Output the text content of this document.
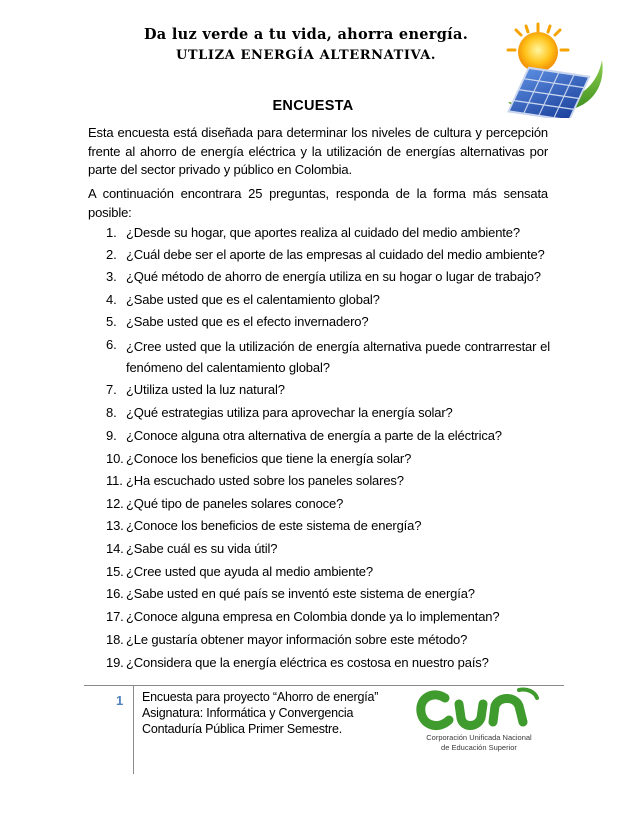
Da luz verde a tu vida, ahorra energía.
UTLIZA ENERGÍA ALTERNATIVA.
ENCUESTA
Esta encuesta está diseñada para determinar los niveles de cultura y percepción frente al ahorro de energía eléctrica y la utilización de energías alternativas por parte del sector privado y público en Colombia.
A continuación encontrara 25 preguntas, responda de la forma más sensata posible:
1. ¿Desde su hogar, que aportes realiza al cuidado del medio ambiente?
2. ¿Cuál debe ser el aporte de las empresas al cuidado del medio ambiente?
3. ¿Qué método de ahorro de energía utiliza en su hogar o lugar de trabajo?
4. ¿Sabe usted que es el calentamiento global?
5. ¿Sabe usted que es el efecto invernadero?
6. ¿Cree usted que la utilización de energía alternativa puede contrarrestar el fenómeno del calentamiento global?
7. ¿Utiliza usted la luz natural?
8. ¿Qué estrategias utiliza para aprovechar la energía solar?
9. ¿Conoce alguna otra alternativa de energía a parte de la eléctrica?
10. ¿Conoce los beneficios que tiene la energía solar?
11. ¿Ha escuchado usted sobre los paneles solares?
12. ¿Qué tipo de paneles solares conoce?
13. ¿Conoce los beneficios de este sistema de energía?
14. ¿Sabe cuál es su vida útil?
15. ¿Cree usted que ayuda al medio ambiente?
16. ¿Sabe usted en qué país se inventó este sistema de energía?
17. ¿Conoce alguna empresa en Colombia donde ya lo implementan?
18. ¿Le gustaría obtener mayor información sobre este método?
19. ¿Considera que la energía eléctrica es costosa en nuestro país?
1 Encuesta para proyecto “Ahorro de energía”
Asignatura: Informática y Convergencia
Contaduría Pública Primer Semestre.
Corporación Unificada Nacional
de Educación Superior
